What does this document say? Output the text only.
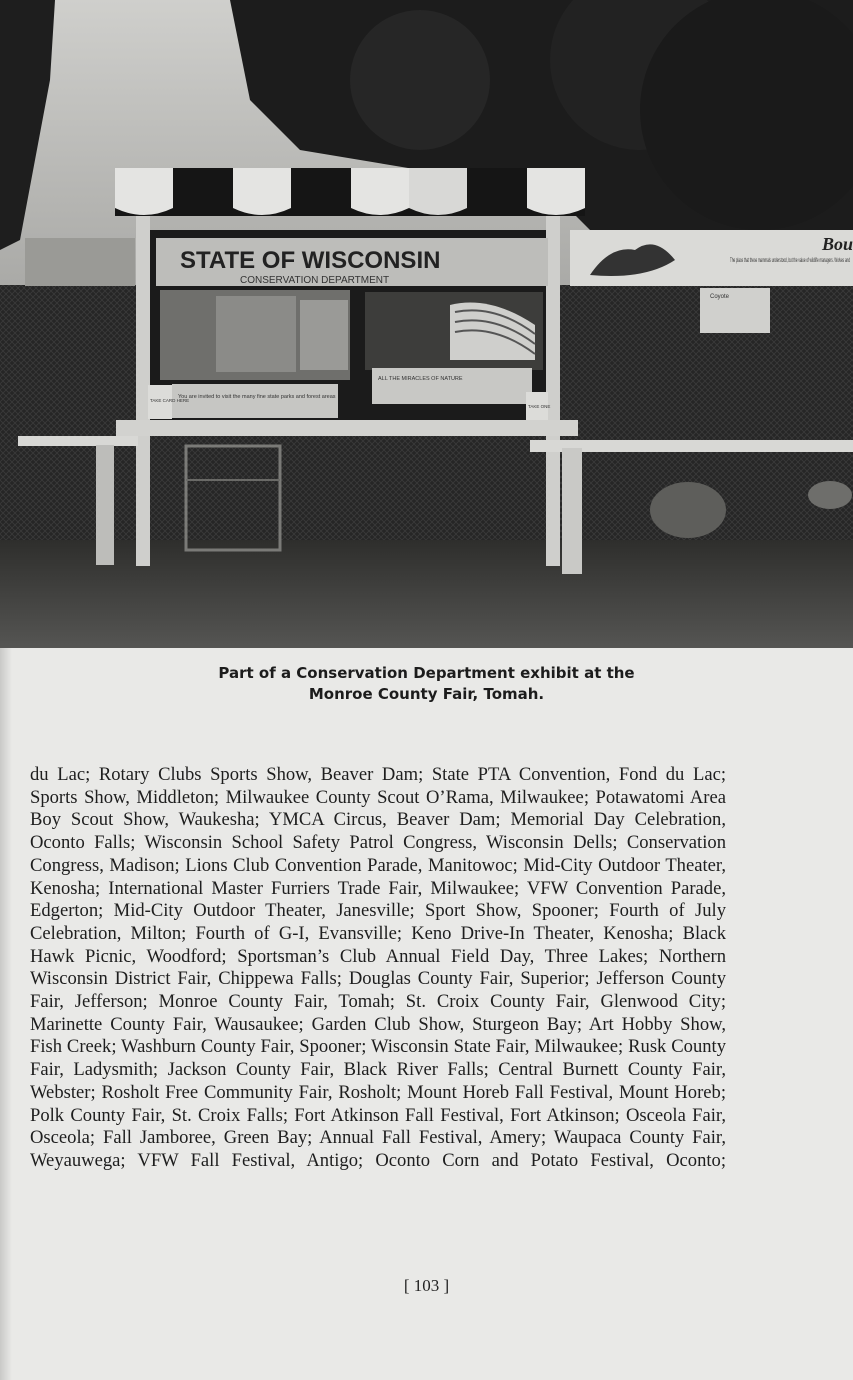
STATE OF WISCONSIN
CONSERVATION DEPARTMENT
You are invited to visit the many fine state parks and forest areas
ALL THE MIRACLES OF NATURE
TAKE CARD HERE
TAKE ONE
Bou
The place that these mammals understood, but the value of wildlife managers. Wolves and
Coyote
Part of a Conservation Department exhibit at the
Monroe County Fair, Tomah.
du Lac; Rotary Clubs Sports Show, Beaver Dam; State PTA Convention, Fond du Lac; Sports Show, Middleton; Milwaukee County Scout O’Rama, Milwaukee; Potawatomi Area Boy Scout Show, Waukesha; YMCA Circus, Beaver Dam; Memorial Day Celebration, Oconto Falls; Wisconsin School Safety Patrol Congress, Wisconsin Dells; Conservation Congress, Madison; Lions Club Convention Parade, Manitowoc; Mid-City Outdoor Theater, Kenosha; International Master Furriers Trade Fair, Milwaukee; VFW Convention Parade, Edgerton; Mid-City Outdoor Theater, Janesville; Sport Show, Spooner; Fourth of July Celebration, Milton; Fourth of G-I, Evansville; Keno Drive-In Theater, Kenosha; Black Hawk Picnic, Woodford; Sportsman’s Club Annual Field Day, Three Lakes; Northern Wisconsin District Fair, Chippewa Falls; Douglas County Fair, Superior; Jefferson County Fair, Jefferson; Monroe County Fair, Tomah; St. Croix County Fair, Glenwood City; Marinette County Fair, Wausaukee; Garden Club Show, Sturgeon Bay; Art Hobby Show, Fish Creek; Washburn County Fair, Spooner; Wisconsin State Fair, Milwaukee; Rusk County Fair, Ladysmith; Jackson County Fair, Black River Falls; Central Burnett County Fair, Webster; Rosholt Free Community Fair, Rosholt; Mount Horeb Fall Festival, Mount Horeb; Polk County Fair, St. Croix Falls; Fort Atkinson Fall Festival, Fort Atkinson; Osceola Fair, Osceola; Fall Jamboree, Green Bay; Annual Fall Festival, Amery; Waupaca County Fair, Weyauwega; VFW Fall Festival, Antigo; Oconto Corn and Potato Festival, Oconto;
[ 103 ]
